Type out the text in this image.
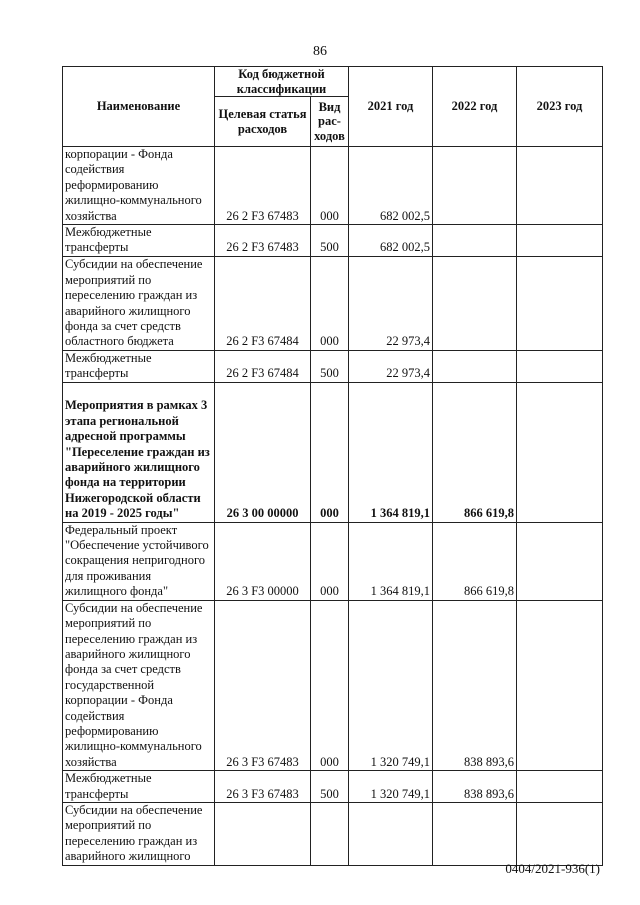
86
Наименование	Код бюджетной классификации		2021 год	2022 год	2023 год
	Целевая статья расходов	Вид рас-ходов			
корпорации - Фонда содействия реформированию жилищно-коммунального хозяйства	26 2 F3 67483	000	682 002,5		
Межбюджетные трансферты	26 2 F3 67483	500	682 002,5		
Субсидии на обеспечение мероприятий по переселению граждан из аварийного жилищного фонда за счет средств областного бюджета	26 2 F3 67484	000	22 973,4		
Межбюджетные трансферты	26 2 F3 67484	500	22 973,4		
Мероприятия в рамках 3 этапа региональной адресной программы "Переселение граждан из аварийного жилищного фонда на территории Нижегородской области на 2019 - 2025 годы"	26 3 00 00000	000	1 364 819,1	866 619,8	
Федеральный проект "Обеспечение устойчивого сокращения непригодного для проживания жилищного фонда"	26 3 F3 00000	000	1 364 819,1	866 619,8	
Субсидии на обеспечение мероприятий по переселению граждан из аварийного жилищного фонда за счет средств государственной корпорации - Фонда содействия реформированию жилищно-коммунального хозяйства	26 3 F3 67483	000	1 320 749,1	838 893,6	
Межбюджетные трансферты	26 3 F3 67483	500	1 320 749,1	838 893,6	
Субсидии на обеспечение мероприятий по переселению граждан из аварийного жилищного					
0404/2021-936(1)
